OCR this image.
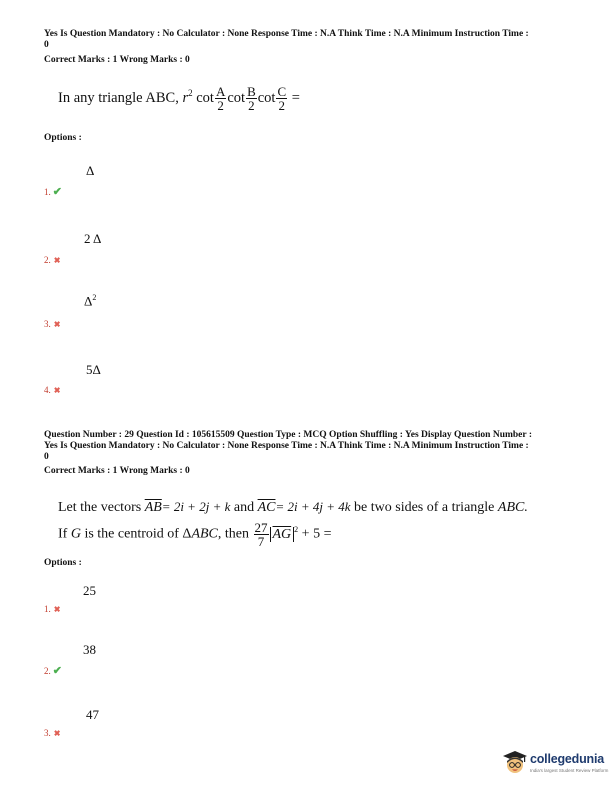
Yes Is Question Mandatory : No Calculator : None Response Time : N.A Think Time : N.A Minimum Instruction Time :
0
Correct Marks : 1 Wrong Marks : 0
In any triangle ABC, $r^2$ $\cot \frac{A}{2}$ $\cot \frac{B}{2}$ $\cot \frac{C}{2}$ =
Options :
Δ
1. ✔
2 Δ
2. ✖
$\Delta^2$
3. ✖
5Δ
4. ✖
Question Number : 29 Question Id : 105615509 Question Type : MCQ Option Shuffling : Yes Display Question Number :
Yes Is Question Mandatory : No Calculator : None Response Time : N.A Think Time : N.A Minimum Instruction Time :
0
Correct Marks : 1 Wrong Marks : 0
Let the vectors $\overline{AB}= 2i + 2j + k$ and $\overline{AC}= 2i + 4j + 4k$ be two sides of a triangle ABC.
If G is the centroid of ΔABC, then $\frac{27}{7} \overline{AG}$ $^2$ + 5 =
Options :
25
1. ✖
38
2. ✔
47
3. ✖
collegedunia
India's largest Student Review Platform
